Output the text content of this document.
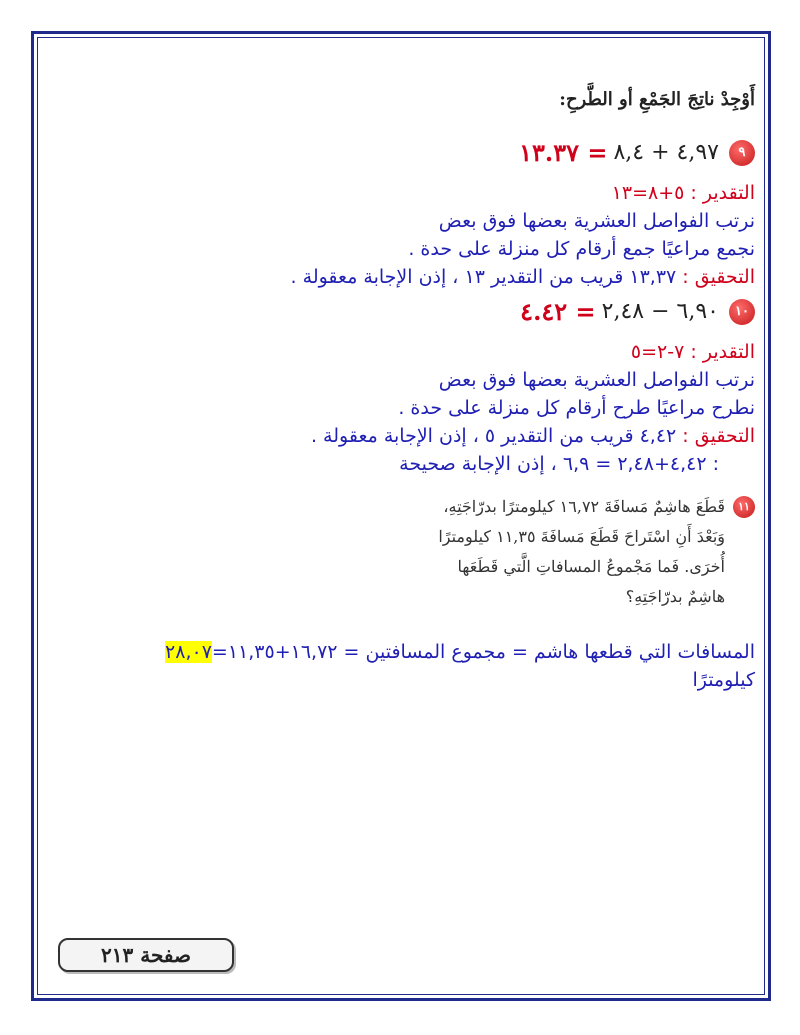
أَوْجِدْ ناتِجَ الجَمْعِ أو الطَّرحِ:

٩
٤,٩٧ + ٨,٤
١٣.٣٧ =

التقدير : ٥+٨=١٣

نرتب الفواصل العشرية بعضها فوق بعض

نجمع مراعيًا جمع أرقام كل منزلة على حدة .

التحقيق : ١٣,٣٧ قريب من التقدير ١٣ ، إذن الإجابة معقولة .

١٠
٦,٩٠ − ٢,٤٨
٤.٤٢ =

التقدير : ٧-٢=٥

نرتب الفواصل العشرية بعضها فوق بعض

نطرح مراعيًا طرح أرقام كل منزلة على حدة .

التحقيق : ٤,٤٢ قريب من التقدير ٥ ، إذن الإجابة معقولة .

: ٤,٤٢+٢,٤٨ = ٦,٩ ، إذن الإجابة صحيحة

١١
قَطَعَ هاشِمٌ مَسافَةَ ١٦,٧٢ كيلومترًا بدرّاجَتِهِ،
وَبَعْدَ أَنِ اسْتَراحَ قَطَعَ مَسافَةَ ١١,٣٥ كيلومترًا
أُخرَى. فَما مَجْموعُ المسافاتِ الَّتي قَطَعَها
هاشِمٌ بدرّاجَتِهِ؟

المسافات التي قطعها هاشم = مجموع المسافتين = ١٦,٧٢+١١,٣٥=٢٨,٠٧

كيلومترًا

صفحة ٢١٣
